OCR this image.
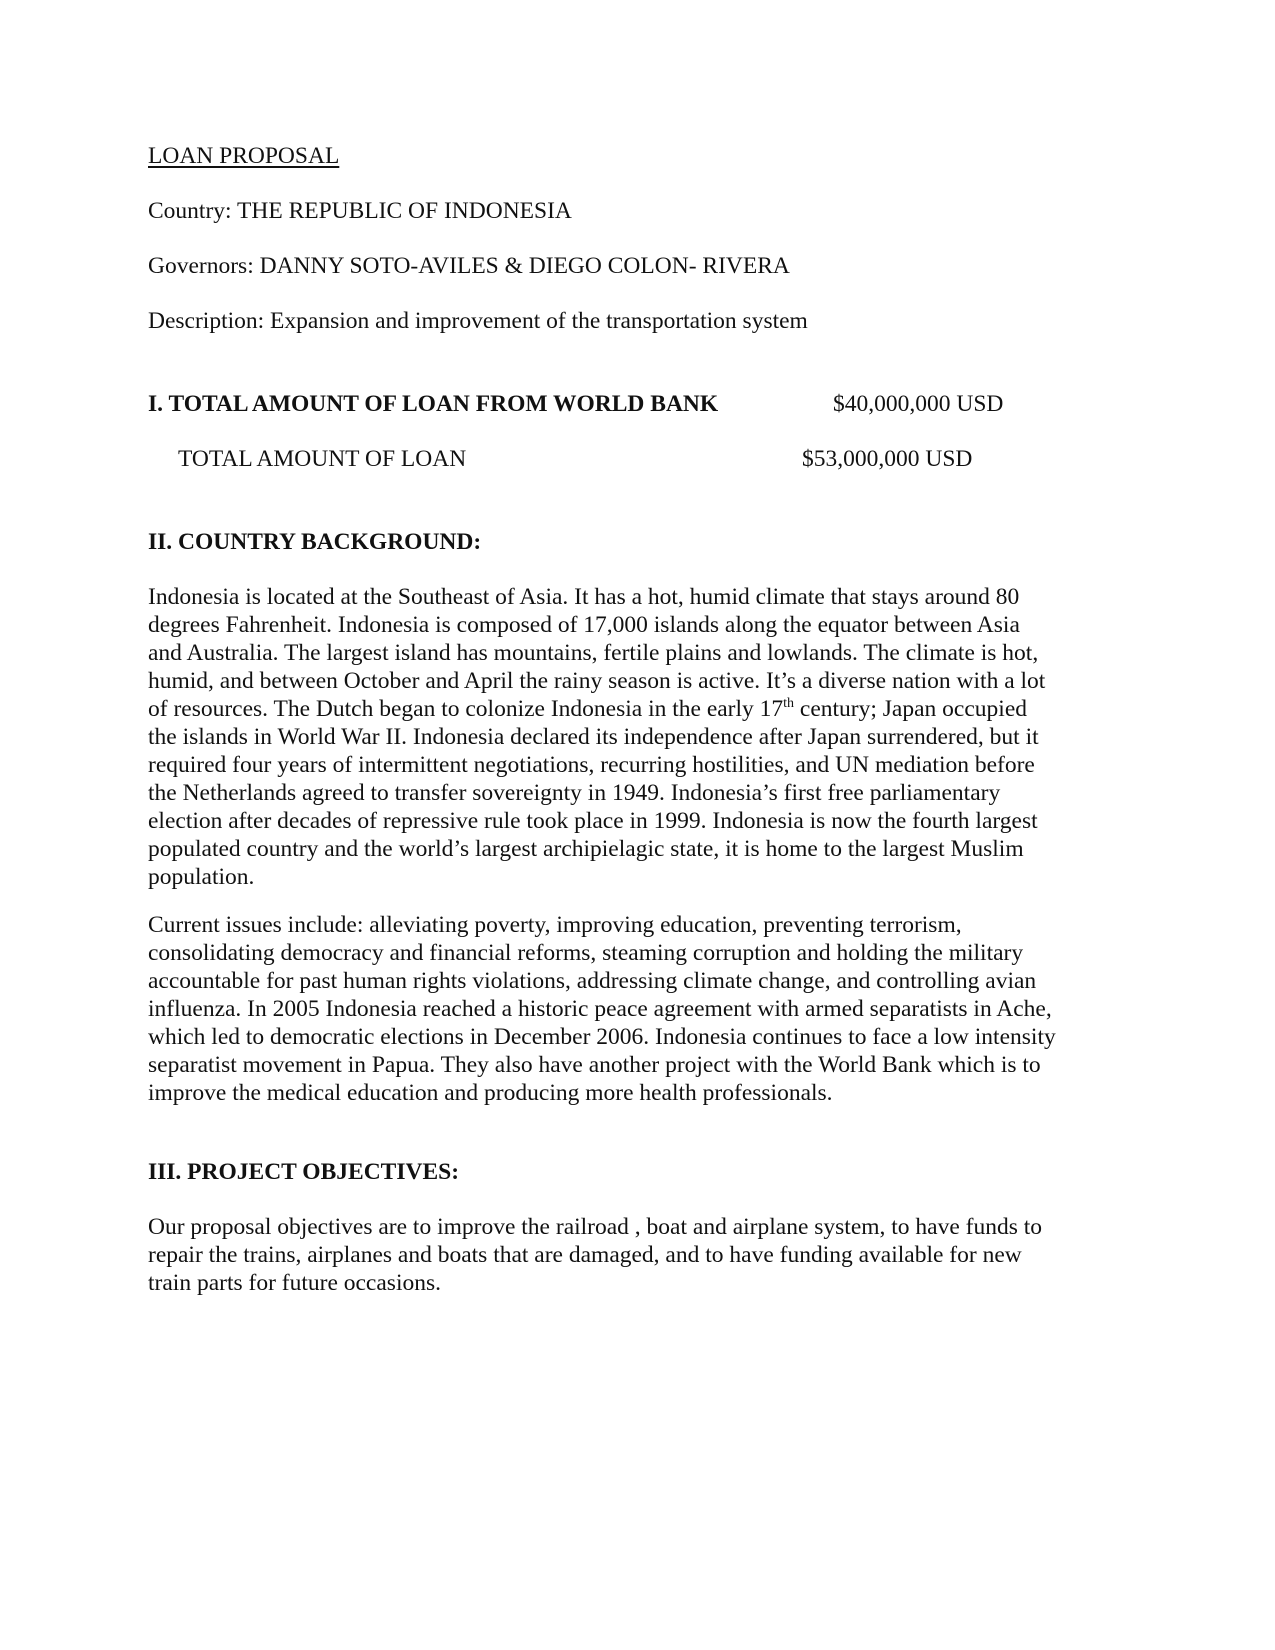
LOAN PROPOSAL
Country: THE REPUBLIC OF INDONESIA
Governors: DANNY SOTO-AVILES & DIEGO COLON- RIVERA
Description: Expansion and improvement of the transportation system
I. TOTAL AMOUNT OF LOAN FROM WORLD BANK	$40,000,000 USD
TOTAL AMOUNT OF LOAN	$53,000,000 USD
II. COUNTRY BACKGROUND:
Indonesia is located at the Southeast of Asia. It has a hot, humid climate that stays around 80
degrees Fahrenheit. Indonesia is composed of 17,000 islands along the equator between Asia
and Australia. The largest island has mountains, fertile plains and lowlands. The climate is hot,
humid, and between October and April the rainy season is active. It’s a diverse nation with a lot
of resources. The Dutch began to colonize Indonesia in the early 17th century; Japan occupied
the islands in World War II. Indonesia declared its independence after Japan surrendered, but it
required four years of intermittent negotiations, recurring hostilities, and UN mediation before
the Netherlands agreed to transfer sovereignty in 1949. Indonesia’s first free parliamentary
election after decades of repressive rule took place in 1999. Indonesia is now the fourth largest
populated country and the world’s largest archipielagic state, it is home to the largest Muslim
population.
Current issues include: alleviating poverty, improving education, preventing terrorism,
consolidating democracy and financial reforms, steaming corruption and holding the military
accountable for past human rights violations, addressing climate change, and controlling avian
influenza. In 2005 Indonesia reached a historic peace agreement with armed separatists in Ache,
which led to democratic elections in December 2006. Indonesia continues to face a low intensity
separatist movement in Papua. They also have another project with the World Bank which is to
improve the medical education and producing more health professionals.
III. PROJECT OBJECTIVES:
Our proposal objectives are to improve the railroad , boat and airplane system, to have funds to
repair the trains, airplanes and boats that are damaged, and to have funding available for new
train parts for future occasions.
